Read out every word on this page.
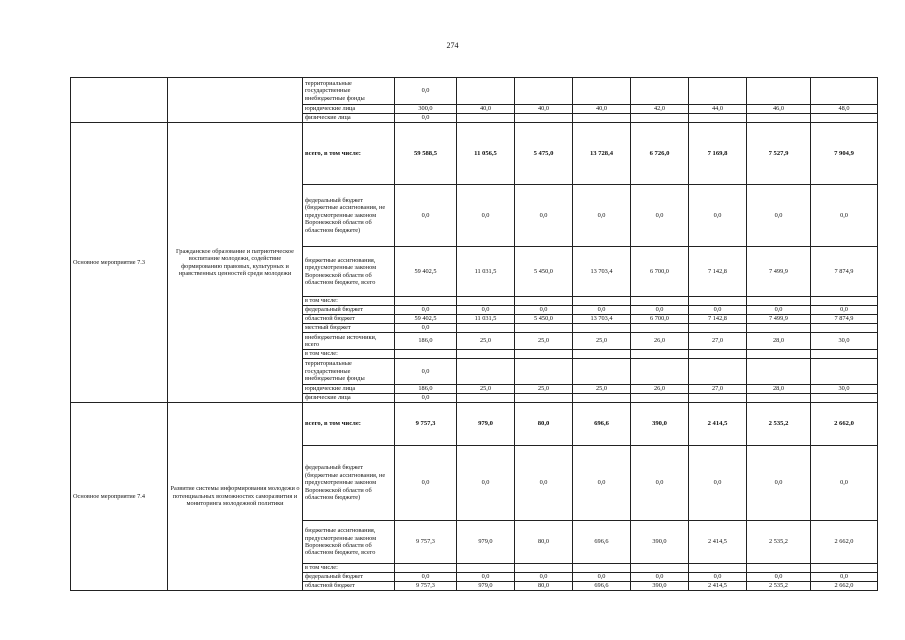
274
		территориальные государственные внебюджетные фонды	0,0							
		юридические лица	300,0	40,0	40,0	40,0	42,0	44,0	46,0	48,0
		физические лица	0,0							
Основное мероприятие 7.3	Гражданское образование и патриотическое воспитание молодежи, содействие формированию правовых, культурных и нравственных ценностей среди молодежи	всего, в том числе:	59 588,5	11 056,5	5 475,0	13 728,4	6 726,0	7 169,8	7 527,9	7 904,9
		федеральный бюджет (бюджетные ассигнования, не предусмотренные законом Воронежской области об областном бюджете)	0,0	0,0	0,0	0,0	0,0	0,0	0,0	0,0
		бюджетные ассигнования, предусмотренные законом Воронежской области об областном бюджете, всего	59 402,5	11 031,5	5 450,0	13 703,4	6 700,0	7 142,8	7 499,9	7 874,9
		в том числе:								
		федеральный бюджет	0,0	0,0	0,0	0,0	0,0	0,0	0,0	0,0
		областной бюджет	59 402,5	11 031,5	5 450,0	13 703,4	6 700,0	7 142,8	7 499,9	7 874,9
		местный бюджет	0,0							
		внебюджетные источники, всего	186,0	25,0	25,0	25,0	26,0	27,0	28,0	30,0
		в том числе:								
		территориальные государственные внебюджетные фонды	0,0							
		юридические лица	186,0	25,0	25,0	25,0	26,0	27,0	28,0	30,0
		физические лица	0,0							
Основное мероприятие 7.4	Развитие системы информирования молодежи о потенциальных возможностях саморазвития и мониторинга молодежной политики	всего, в том числе:	9 757,3	979,0	80,0	696,6	390,0	2 414,5	2 535,2	2 662,0
		федеральный бюджет (бюджетные ассигнования, не предусмотренные законом Воронежской области об областном бюджете)	0,0	0,0	0,0	0,0	0,0	0,0	0,0	0,0
		бюджетные ассигнования, предусмотренные законом Воронежской области об областном бюджете, всего	9 757,3	979,0	80,0	696,6	390,0	2 414,5	2 535,2	2 662,0
		в том числе:								
		федеральный бюджет	0,0	0,0	0,0	0,0	0,0	0,0	0,0	0,0
		областной бюджет	9 757,3	979,0	80,0	696,6	390,0	2 414,5	2 535,2	2 662,0
